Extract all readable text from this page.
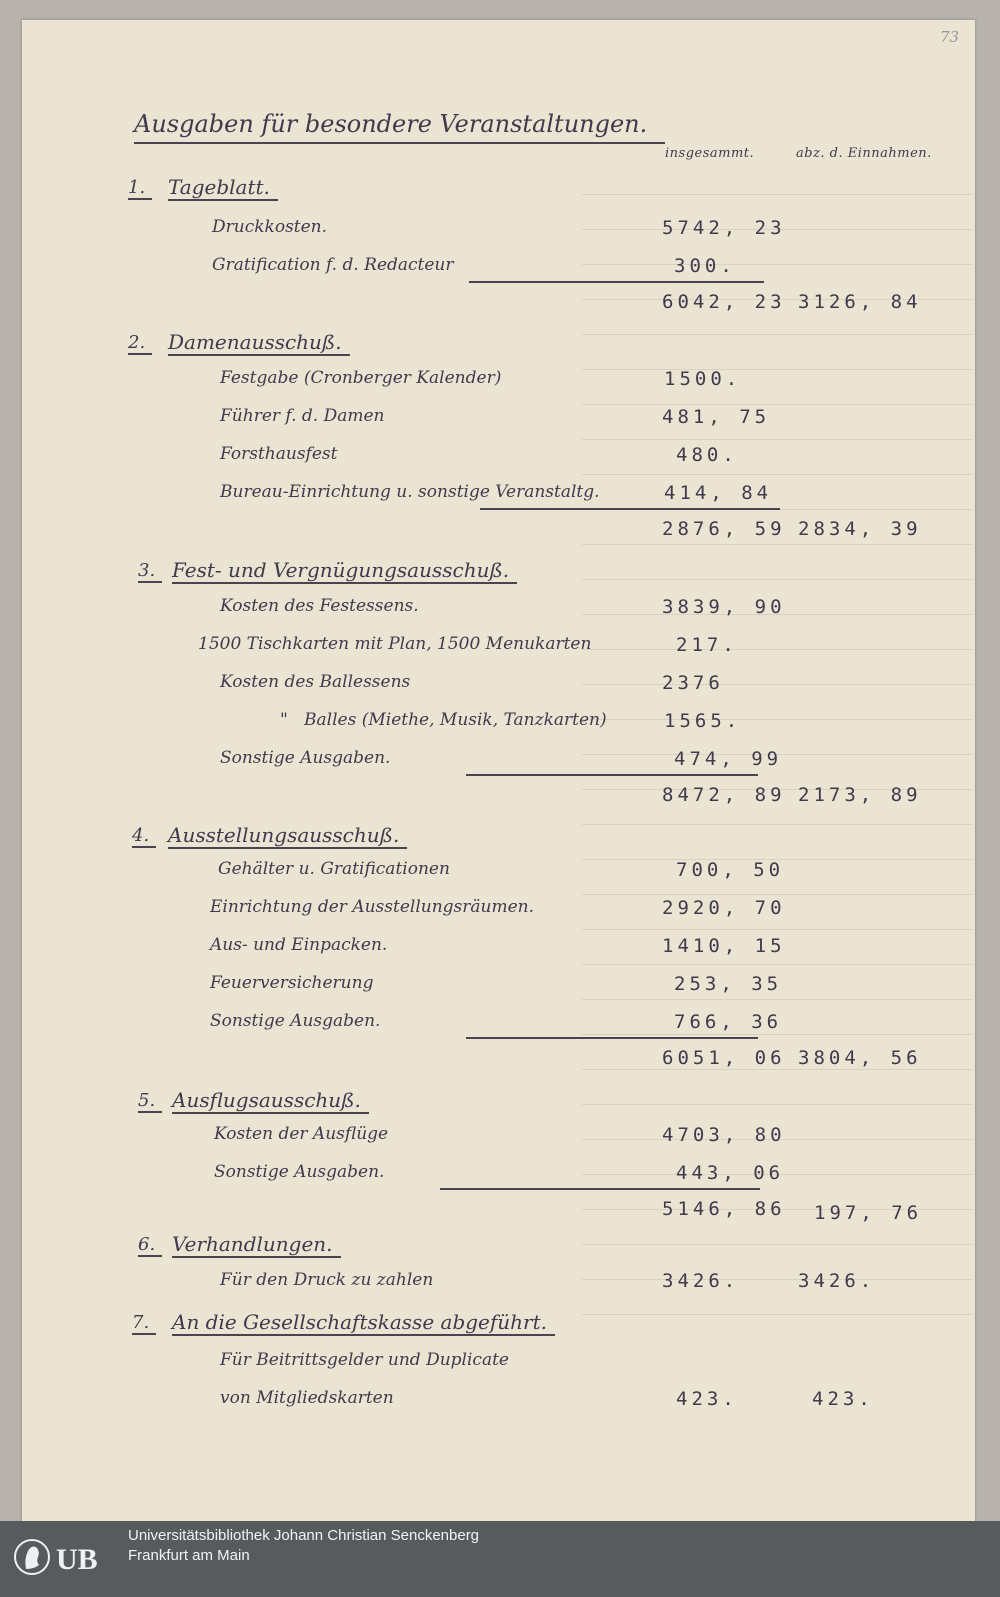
73
Ausgaben für besondere Veranstaltungen.
insgesammt.	abz. d. Einnahmen.
1.	Tageblatt.
Druckkosten.	5742, 23
Gratification f. d. Redacteur	300.
6042, 23 3126, 84
2.	Damenausschuß.
Festgabe (Cronberger Kalender)	1500.
Führer f. d. Damen	481, 75
Forsthausfest	480.
Bureau-Einrichtung u. sonstige Veranstaltg.	414, 84
2876, 59 2834, 39
3. Fest- und Vergnügungsausschuß.
Kosten des Festessens.	3839, 90
1500 Tischkarten mit Plan, 1500 Menukarten	217.
Kosten des Ballessens	2376
"   Balles (Miethe, Musik, Tanzkarten)	1565.
Sonstige Ausgaben.	474, 99
8472, 89 2173, 89
4. Ausstellungsausschuß.
Gehälter u. Gratificationen	700, 50
Einrichtung der Ausstellungsräumen.	2920, 70
Aus- und Einpacken.	1410, 15
Feuerversicherung	253, 35
Sonstige Ausgaben.	766, 36
6051, 06 3804, 56
5. Ausflugsausschuß.
Kosten der Ausflüge	4703, 80
Sonstige Ausgaben.	443, 06
5146, 86 197, 76
6. Verhandlungen.
Für den Druck zu zahlen	3426.	3426.
7.	An die Gesellschaftskasse abgeführt.
Für Beitrittsgelder und Duplicate
von Mitgliedskarten	423.	423.
UB
Universitätsbibliothek Johann Christian Senckenberg
Frankfurt am Main
